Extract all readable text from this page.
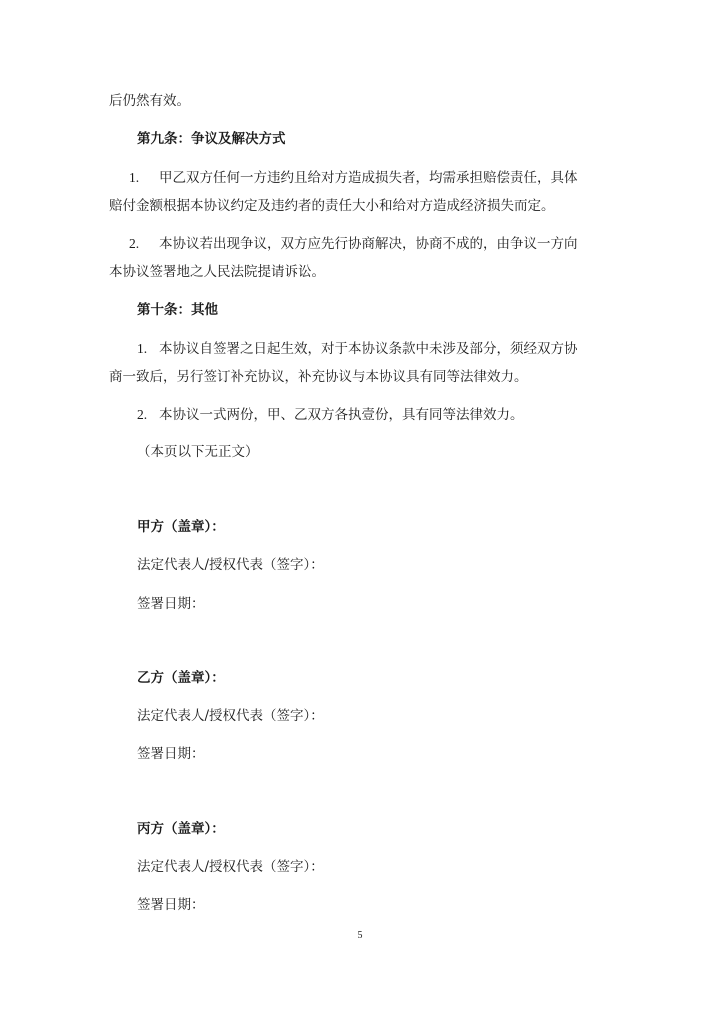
后仍然有效。
第九条：争议及解决方式
1. 甲乙双方任何一方违约且给对方造成损失者，均需承担赔偿责任，具体
赔付金额根据本协议约定及违约者的责任大小和给对方造成经济损失而定。
2. 本协议若出现争议，双方应先行协商解决，协商不成的，由争议一方向
本协议签署地之人民法院提请诉讼。
第十条：其他
1. 本协议自签署之日起生效，对于本协议条款中未涉及部分，须经双方协
商一致后，另行签订补充协议，补充协议与本协议具有同等法律效力。
2. 本协议一式两份，甲、乙双方各执壹份，具有同等法律效力。
（本页以下无正文）
甲方（盖章）：
法定代表人/授权代表（签字）：
签署日期：
乙方（盖章）：
法定代表人/授权代表（签字）：
签署日期：
丙方（盖章）：
法定代表人/授权代表（签字）：
签署日期：
5
